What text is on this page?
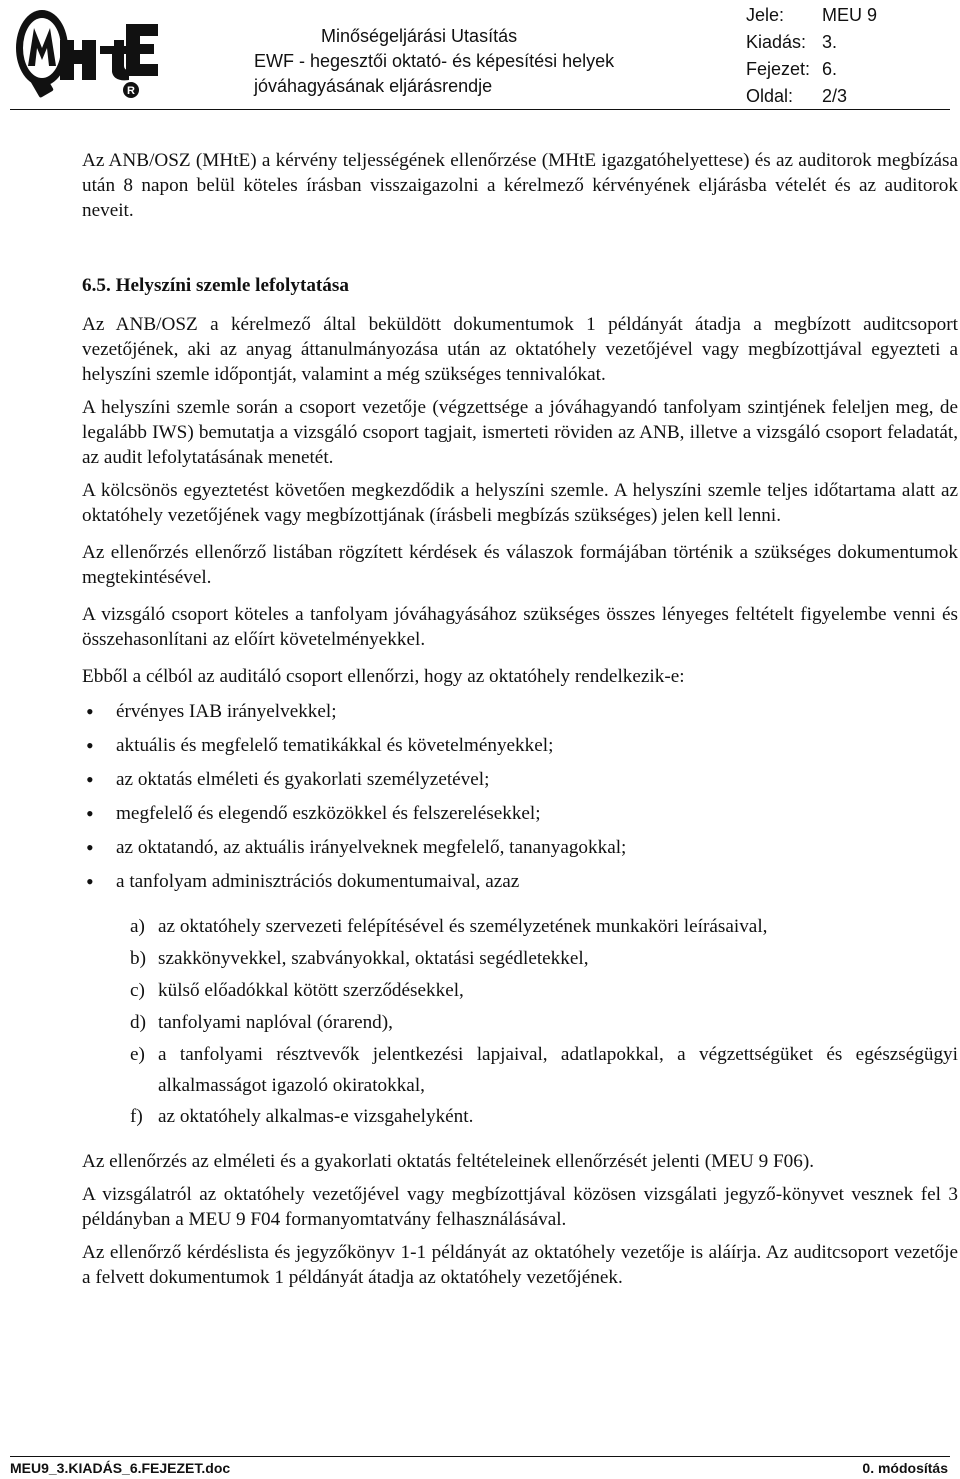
R
Minőségeljárási Utasítás
EWF - hegesztői oktató- és képesítési helyek
jóváhagyásának eljárásrendje
Jele:	MEU 9
Kiadás: 3.
Fejezet: 6.
Oldal:	2/3

Az ANB/OSZ (MHtE) a kérvény teljességének ellenőrzése (MHtE igazgatóhelyettese) és az auditorok megbízása után 8 napon belül köteles írásban visszaigazolni a kérelmező kérvényének eljárásba vételét és az auditorok neveit.

6.5. Helyszíni szemle lefolytatása

Az ANB/OSZ a kérelmező által beküldött dokumentumok 1 példányát átadja a megbízott auditcsoport vezetőjének, aki az anyag áttanulmányozása után az oktatóhely vezetőjével vagy megbízottjával egyezteti a helyszíni szemle időpontját, valamint a még szükséges tennivalókat.

A helyszíni szemle során a csoport vezetője (végzettsége a jóváhagyandó tanfolyam szintjének feleljen meg, de legalább IWS) bemutatja a vizsgáló csoport tagjait, ismerteti röviden az ANB, illetve a vizsgáló csoport feladatát, az audit lefolytatásának menetét.

A kölcsönös egyeztetést követően megkezdődik a helyszíni szemle. A helyszíni szemle teljes időtartama alatt az oktatóhely vezetőjének vagy megbízottjának (írásbeli megbízás szükséges) jelen kell lenni.

Az ellenőrzés ellenőrző listában rögzített kérdések és válaszok formájában történik a szükséges dokumentumok megtekintésével.

A vizsgáló csoport köteles a tanfolyam jóváhagyásához szükséges összes lényeges feltételt figyelembe venni és összehasonlítani az előírt követelményekkel.

Ebből a célból az auditáló csoport ellenőrzi, hogy az oktatóhely rendelkezik-e:

• érvényes IAB irányelvekkel;
• aktuális és megfelelő tematikákkal és követelményekkel;
• az oktatás elméleti és gyakorlati személyzetével;
• megfelelő és elegendő eszközökkel és felszerelésekkel;
• az oktatandó, az aktuális irányelveknek megfelelő, tananyagokkal;
• a tanfolyam adminisztrációs dokumentumaival, azaz
a) az oktatóhely szervezeti felépítésével és személyzetének munkaköri leírásaival,
b) szakkönyvekkel, szabványokkal, oktatási segédletekkel,
c) külső előadókkal kötött szerződésekkel,
d) tanfolyami naplóval (órarend),
e) a tanfolyami résztvevők jelentkezési lapjaival, adatlapokkal, a végzettségüket és egészségügyi alkalmasságot igazoló okiratokkal,
f) az oktatóhely alkalmas-e vizsgahelyként.

Az ellenőrzés az elméleti és a gyakorlati oktatás feltételeinek ellenőrzését jelenti (MEU 9 F06).

A vizsgálatról az oktatóhely vezetőjével vagy megbízottjával közösen vizsgálati jegyző-könyvet vesznek fel 3 példányban a MEU 9 F04 formanyomtatvány felhasználásával.

Az ellenőrző kérdéslista és jegyzőkönyv 1-1 példányát az oktatóhely vezetője is aláírja. Az auditcsoport vezetője a felvett dokumentumok 1 példányát átadja az oktatóhely vezetőjének.

MEU9_3.KIADÁS_6.FEJEZET.doc	0. módosítás
